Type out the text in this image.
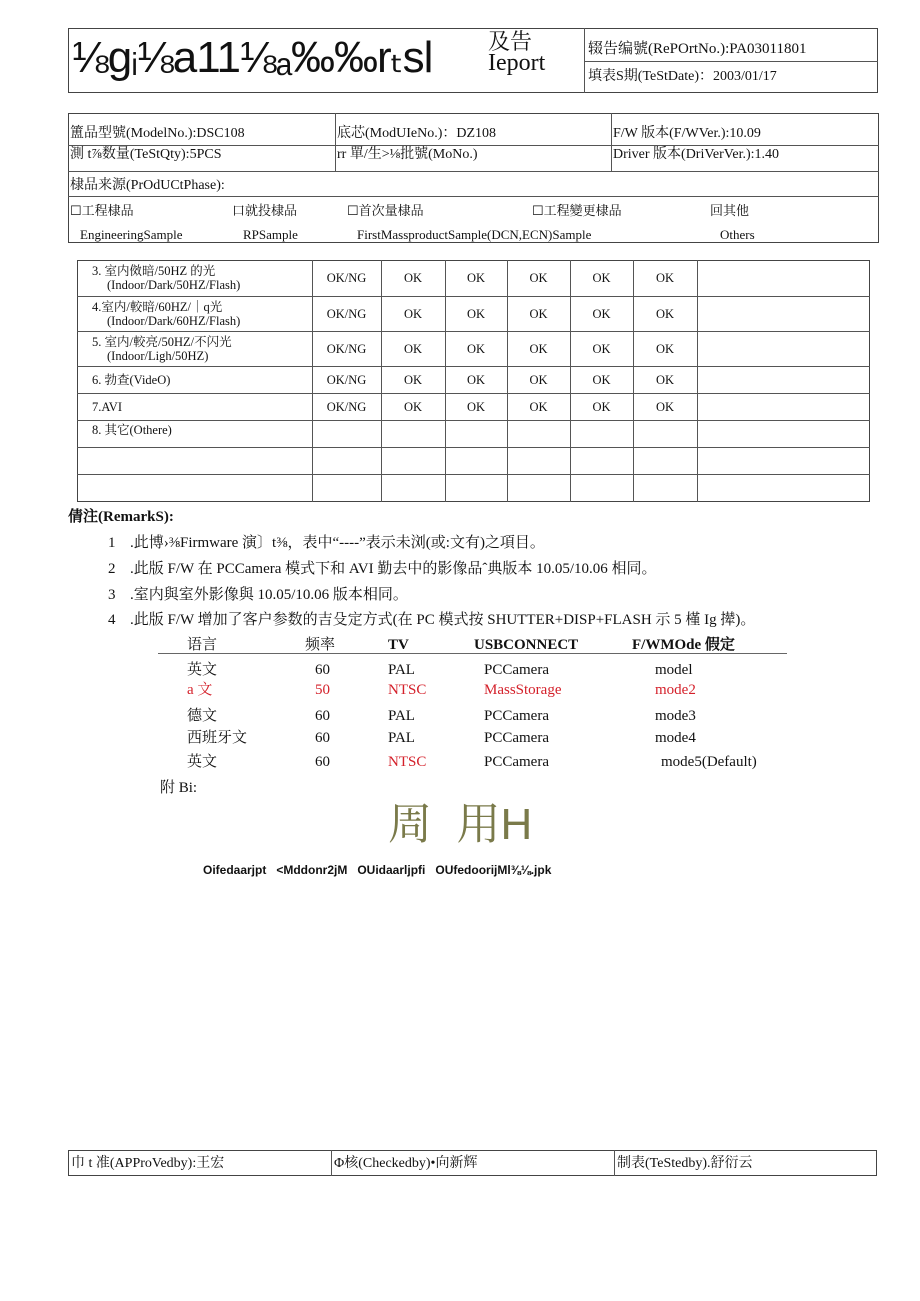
⅛gᵢ⅛a11⅛ₐ‰‰rₜsl	及告
Ieport
辍告编號(RePOrtNo.):PA03011801
填表S期(TeStDate)：2003/01/17
簠品型號(ModelNo.):DSC108	底芯(ModUIeNo.)：DZ108	F/W 版本(F/WVer.):10.09
測 t⅞数量(TeStQty):5PCS	rr 單/生>⅛批號(MoNo.)	Driver 版本(DriVerVer.):1.40
棣品来源(PrOdUCtPhase):
☐工程棣品
EngineeringSample
口就投棣品
RPSample
☐首次量棣品
FirstMassproductSample(DCN,ECN)Sample
☐工程變更棣品	回其他
Others
3. 室内傚暗/50HZ 的光
(Indoor/Dark/50HZ/Flash)	OK/NG	OK	OK	OK	OK	OK
4.室内/較暗/60HZ/｜q光
(Indoor/Dark/60HZ/Flash)	OK/NG	OK	OK	OK	OK	OK
5. 室内/較亮/50HZ/不闪光
(Indoor/Ligh/50HZ)	OK/NG	OK	OK	OK	OK	OK
6. 勃查(VideO)	OK/NG	OK	OK	OK	OK	OK
7.AVI	OK/NG	OK	OK	OK	OK	OK
8. 其它(Othere)
倩注(RemarkS):
1 .此博›⅜Firmware 演〕t⅜，表中“----”表示未浏(或:文有)之項目。
2 .此版 F/W 在 PCCamera 模式下和 AVI 勤去中的影像品ˆ典版本 10.05/10.06 相同。
3 .室内與室外影像與 10.05/10.06 版本相同。
4 .此版 F/W 增加了客户参数的吉殳定方式(在 PC 模式按 SHUTTER+DISP+FLASH 示 5 槿 Ig 撵)。
语言	频率	TV	USBCONNECT	F/WMOde 假定
英文	60	PAL	PCCamera	model
a 文	50	NTSC	MassStorage	mode2
德文	60	PAL	PCCamera	mode3
西班牙文	60	PAL	PCCamera	mode4
英文	60	NTSC	PCCamera	mode5(Default)
附 Bi:
周  用H
Oifedaarjpt   <Mddonr2jM   OUidaarljpfi   OUfedoorijMl⅜⅛.jpk
巾 t 准(APProVedby):王宏	Φ核(Checkedby)•向新辉	制表(TeStedby).舒衍云
